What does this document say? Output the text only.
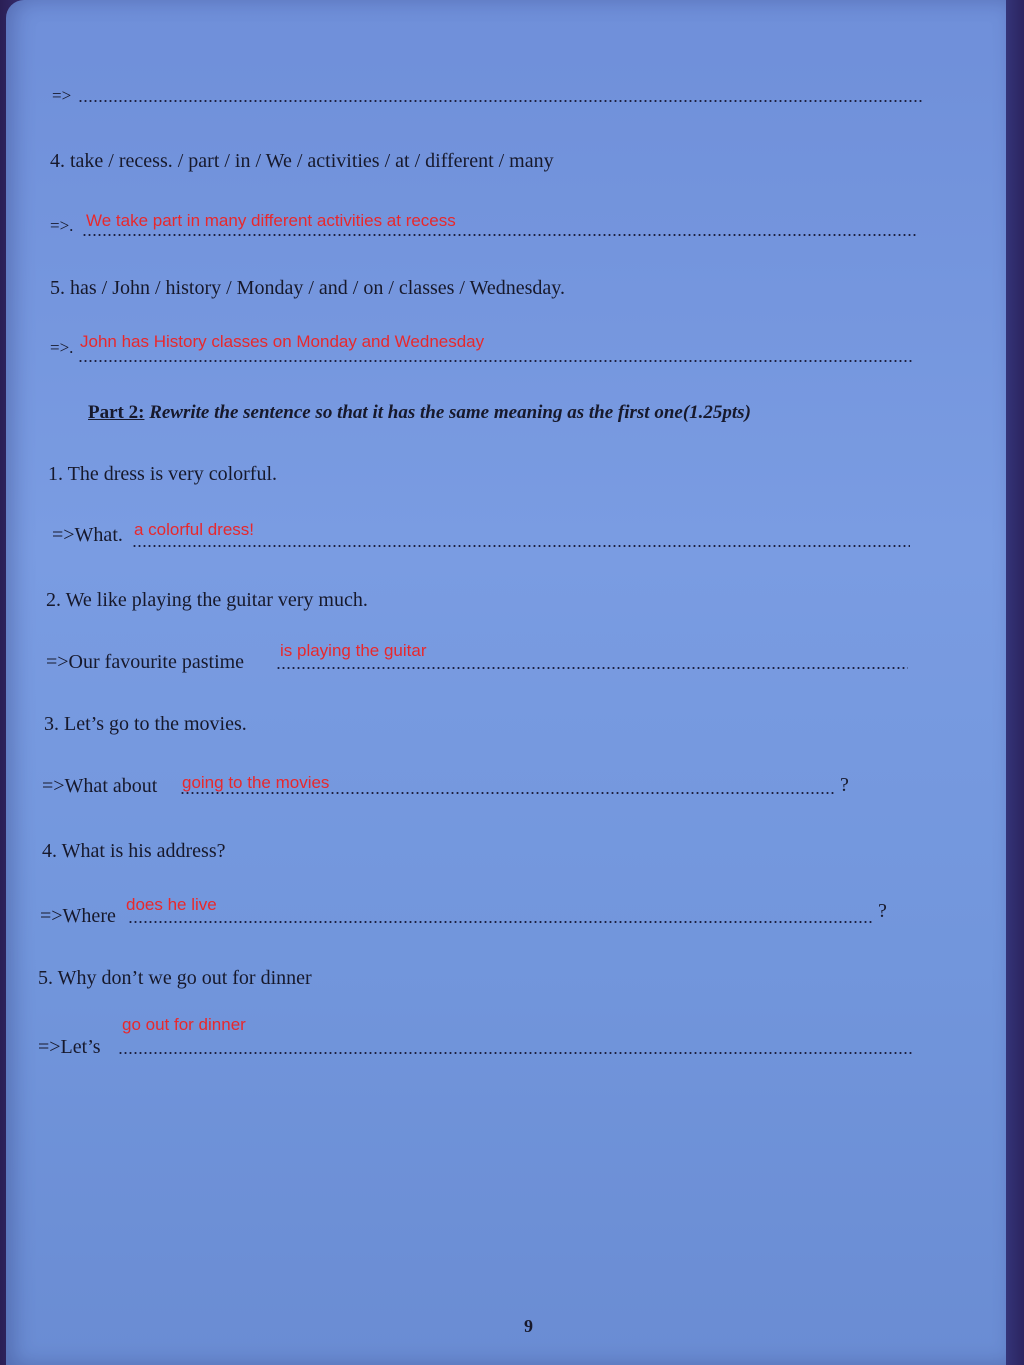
=>
4. take / recess. / part / in / We / activities / at / different / many
=>. We take part in many different activities at recess
5. has / John / history / Monday / and / on / classes / Wednesday.
=>. John has History classes on Monday and Wednesday
Part 2: Rewrite the sentence so that it has the same meaning as the first one(1.25pts)
1. The dress is very colorful.
=>What. a colorful dress!
2. We like playing the guitar very much.
=>Our favourite pastime
is playing the guitar
3. Let’s go to the movies.
=>What about going to the movies	?
4. What is his address?
=>Where
does he live	?
5. Why don’t we go out for dinner
go out for dinner
=>Let’s
9
